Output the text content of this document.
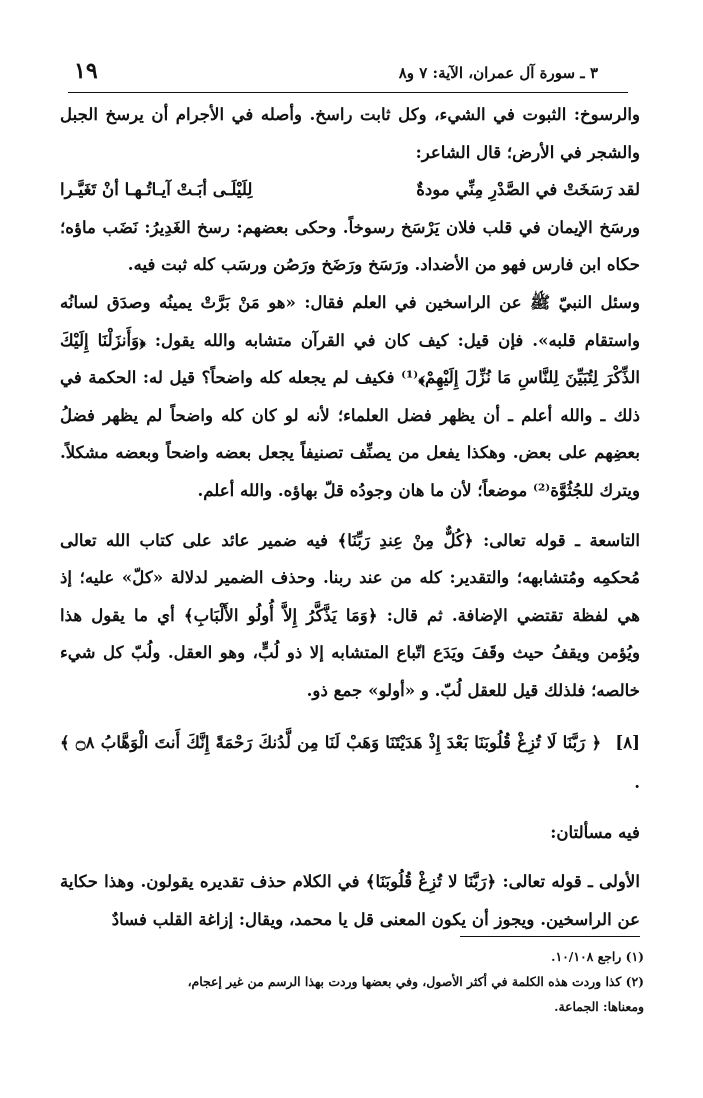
٣ ـ سورة آل عمران، الآية: ٧ و٨
١٩

والرسوخ: الثبوت في الشيء، وكل ثابت راسخ. وأصله في الأجرام أن يرسخ الجبل والشجر في الأرض؛ قال الشاعر:

لقد رَسَخَتْ في الصَّدْرِ مِنِّي مودةٌ
لِلَيْلَـى أبَـتْ آيـاتُـهـا أنْ تَغَيَّـرا

ورسَخ الإيمان في قلب فلان يَرْسَخ رسوخاً. وحكى بعضهم: رسخ الغَدِيرُ: نَضَب ماؤه؛ حكاه ابن فارس فهو من الأضداد. ورَسَخ ورَضَخ ورَصُن ورسَب كله ثبت فيه.

وسئل النبيّ ﷺ عن الراسخين في العلم فقال: «هو مَنْ بَرَّتْ يمينُه وصدَق لسانُه واستقام قلبه». فإن قيل: كيف كان في القرآن متشابه والله يقول: ﴿وَأَنزَلْنَا إِلَيْكَ الذِّكْرَ لِتُبَيِّنَ لِلنَّاسِ مَا نُزِّلَ إِلَيْهِمْ﴾⁽¹⁾ فكيف لم يجعله كله واضحاً؟ قيل له: الحكمة في ذلك ـ والله أعلم ـ أن يظهر فضل العلماء؛ لأنه لو كان كله واضحاً لم يظهر فضلُ بعضِهم على بعض. وهكذا يفعل من يصنِّف تصنيفاً يجعل بعضه واضحاً وبعضه مشكلاً. ويترك للجُثُوَّة⁽²⁾ موضعاً؛ لأن ما هان وجودُه قلّ بهاؤه. والله أعلم.

التاسعة ـ قوله تعالى: ﴿كُلٌّ مِنْ عِندِ رَبِّنَا﴾ فيه ضمير عائد على كتاب الله تعالى مُحكمِه ومُتشابهه؛ والتقدير: كله من عند ربنا. وحذف الضمير لدلالة «كلّ» عليه؛ إذ هي لفظة تقتضي الإضافة. ثم قال: ﴿وَمَا يَذَّكَّرُ إِلاَّ أُولُو الأَلْبَابِ﴾ أي ما يقول هذا ويُؤمن ويقفُ حيث وقَفَ ويَدَع اتّباع المتشابه إلا ذو لُبٍّ، وهو العقل. ولُبّ كل شيء خالصه؛ فلذلك قيل للعقل لُبّ. و «أولو» جمع ذو.

[٨] ﴿ رَبَّنَا لَا تُزِغْ قُلُوبَنَا بَعْدَ إِذْ هَدَيْتَنَا وَهَبْ لَنَا مِن لَّدُنكَ رَحْمَةً إِنَّكَ أَنتَ الْوَهَّابُ ۝٨ ﴾ .

فيه مسألتان:

الأولى ـ قوله تعالى: ﴿رَبَّنَا لا تُزِغْ قُلُوبَنَا﴾ في الكلام حذف تقديره يقولون. وهذا حكاية عن الراسخين. ويجوز أن يكون المعنى قل يا محمد، ويقال: إزاغة القلب فسادٌ

(١) راجع ١٠/١٠٨.

(٢) كذا وردت هذه الكلمة في أكثر الأصول، وفي بعضها وردت بهذا الرسم من غير إعجام،

ومعناها: الجماعة.
